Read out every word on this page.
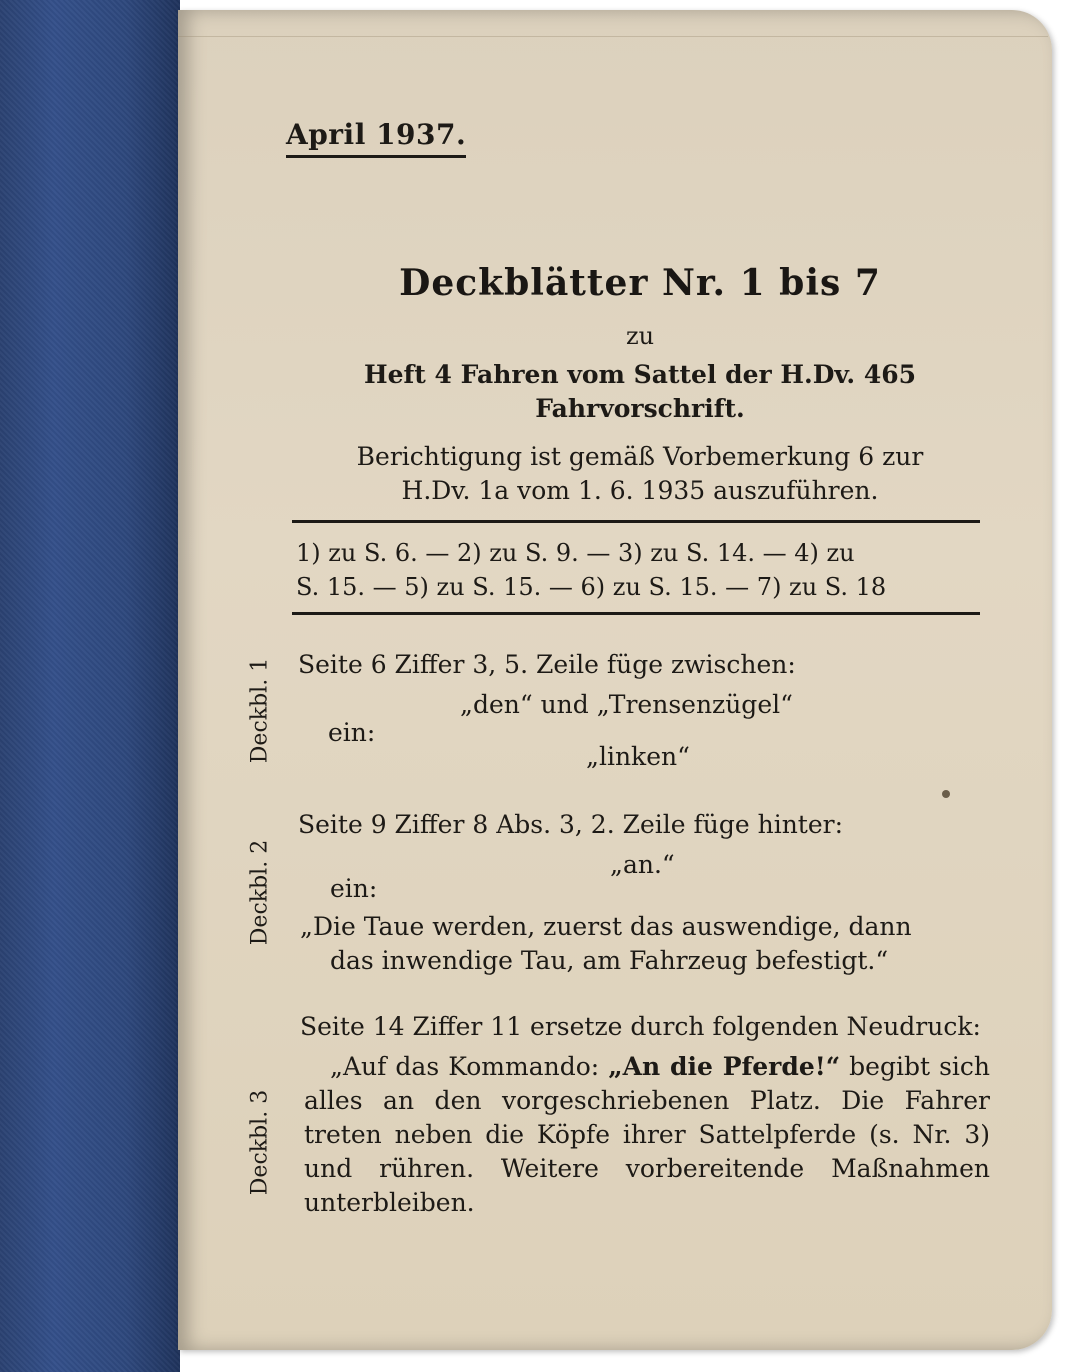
April 1937.
Deckblätter Nr. 1 bis 7
zu
Heft 4 Fahren vom Sattel der H.Dv. 465
Fahrvorschrift.
Berichtigung ist gemäß Vorbemerkung 6 zur
H.Dv. 1a vom 1. 6. 1935 auszuführen.
1) zu S. 6. — 2) zu S. 9. — 3) zu S. 14. — 4) zu
S. 15. — 5) zu S. 15. — 6) zu S. 15. — 7) zu S. 18
Deckbl. 1 Seite 6 Ziffer 3, 5. Zeile füge zwischen:
„den“ und „Trensenzügel“
ein:
„linken“
Deckbl. 2
Seite 9 Ziffer 8 Abs. 3, 2. Zeile füge hinter:
„an.“
ein:
„Die Taue werden, zuerst das auswendige, dann
das inwendige Tau, am Fahrzeug befestigt.“
Deckbl. 3
Seite 14 Ziffer 11 ersetze durch folgenden Neudruck:
„Auf das Kommando: „An die Pferde!“ begibt sich alles an den vorgeschriebenen Platz. Die Fahrer treten neben die Köpfe ihrer Sattelpferde (s. Nr. 3) und rühren. Weitere vorbereitende Maßnahmen unterbleiben.
